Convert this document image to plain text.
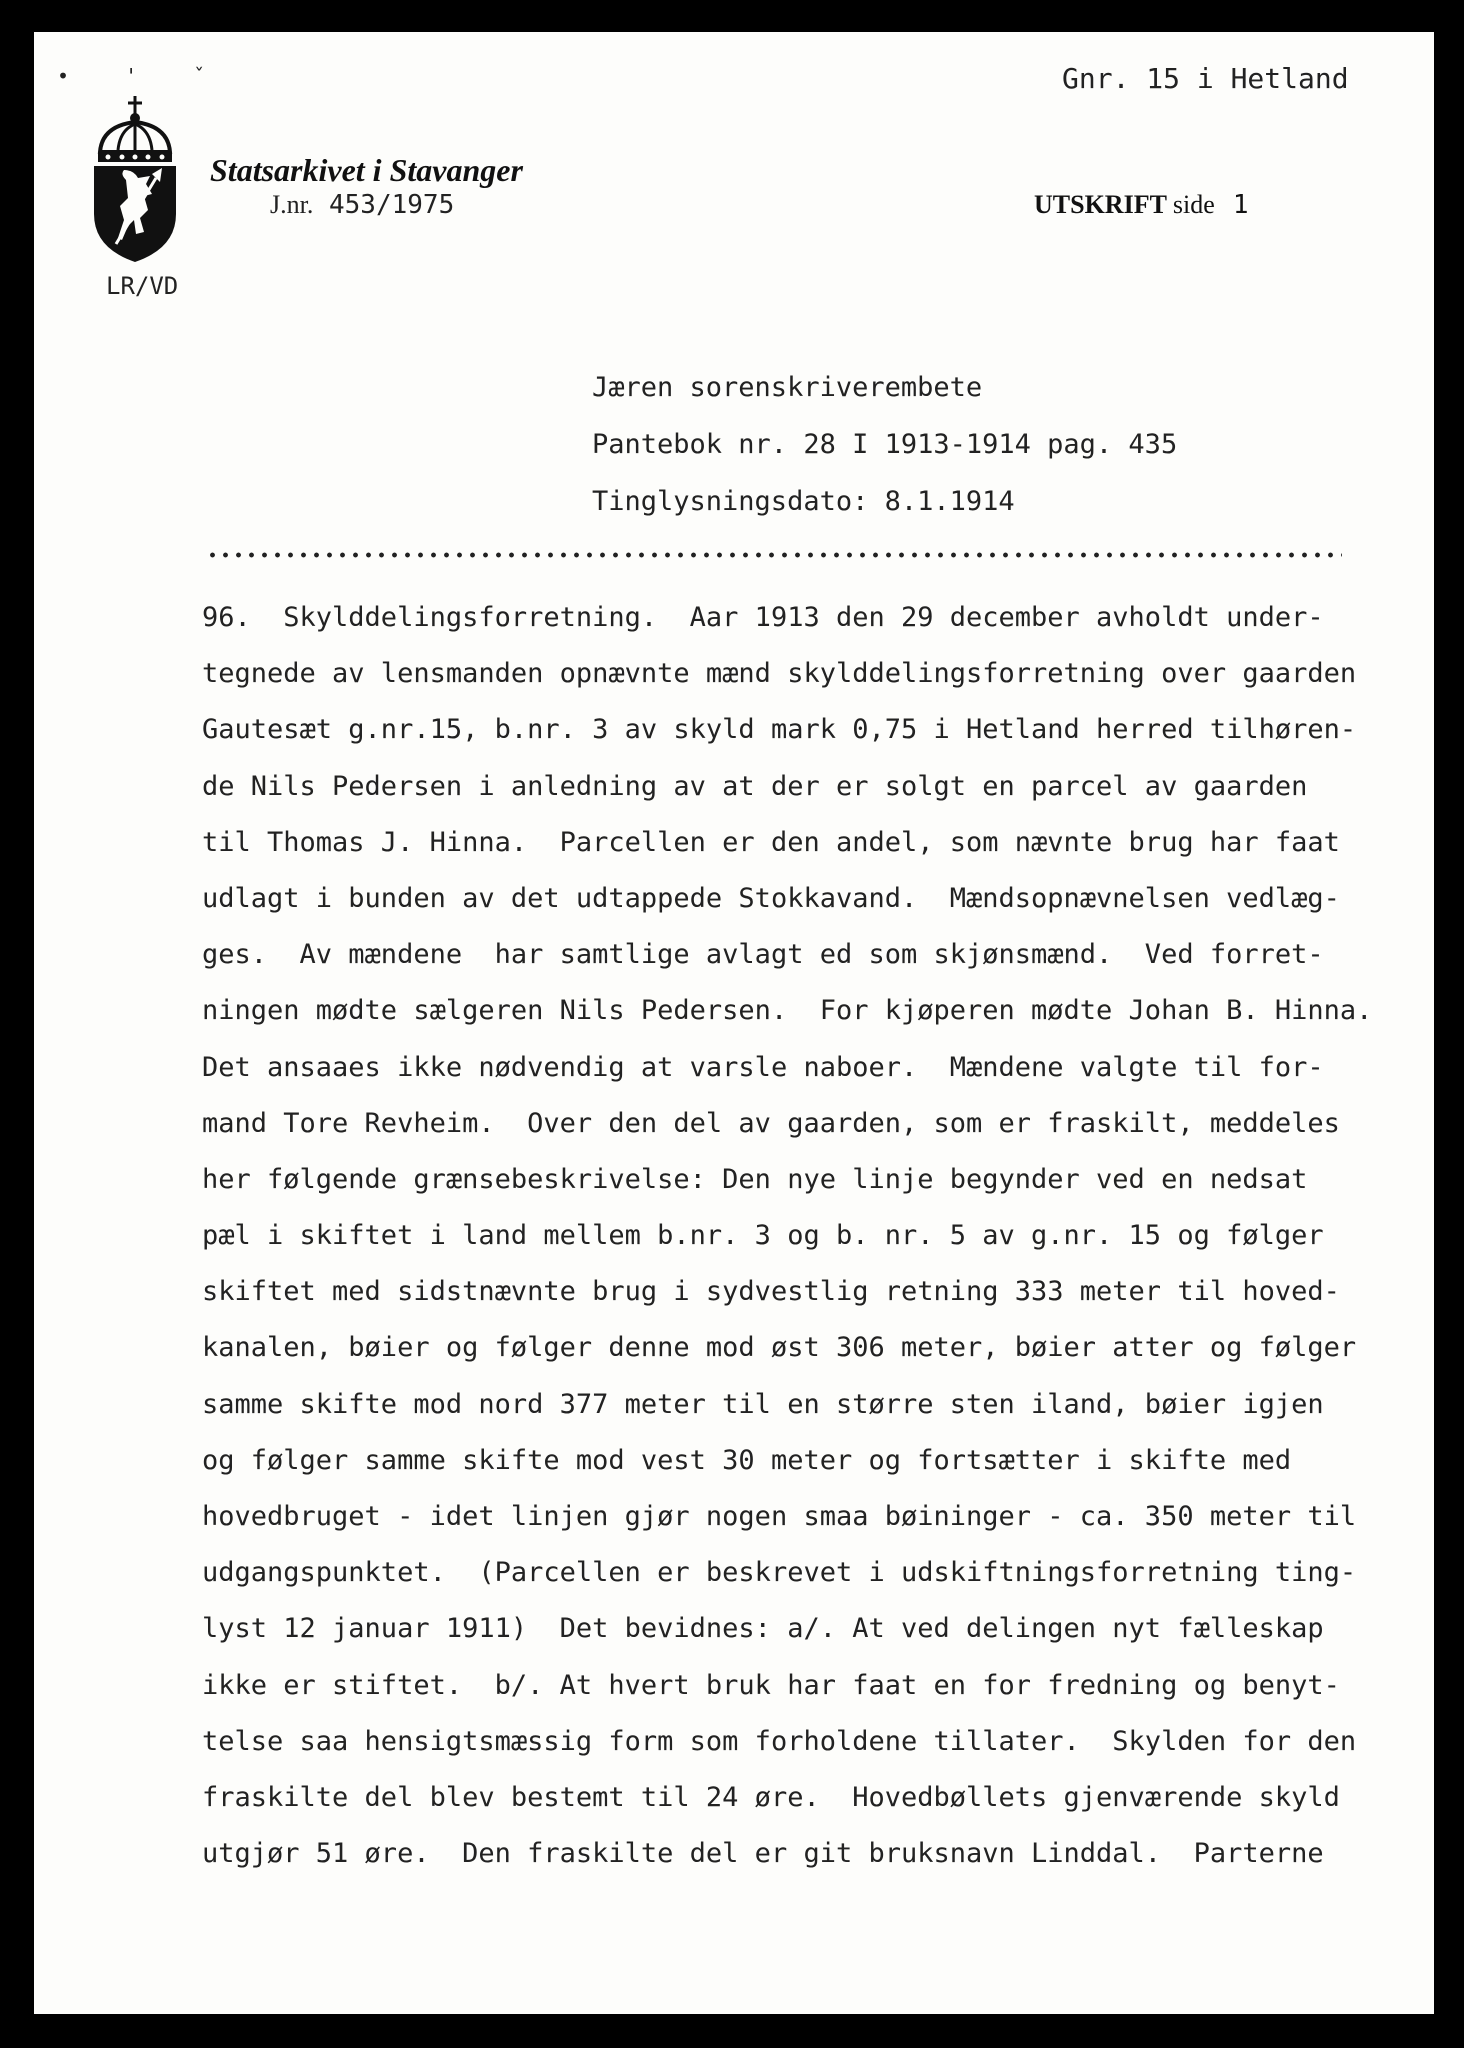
• ' ˇ	Gnr. 15 i Hetland
Statsarkivet i Stavanger
J.nr. 453/1975	UTSKRIFT side 1
LR/VD
Jæren sorenskriverembete
Pantebok nr. 28 I 1913-1914 pag. 435
Tinglysningsdato: 8.1.1914
96.  Skylddelingsforretning.  Aar 1913 den 29 december avholdt under-
tegnede av lensmanden opnævnte mænd skylddelingsforretning over gaarden
Gautesæt g.nr.15, b.nr. 3 av skyld mark 0,75 i Hetland herred tilhøren-
de Nils Pedersen i anledning av at der er solgt en parcel av gaarden
til Thomas J. Hinna.  Parcellen er den andel, som nævnte brug har faat
udlagt i bunden av det udtappede Stokkavand.  Mændsopnævnelsen vedlæg-
ges.  Av mændene  har samtlige avlagt ed som skjønsmænd.  Ved forret-
ningen mødte sælgeren Nils Pedersen.  For kjøperen mødte Johan B. Hinna.
Det ansaaes ikke nødvendig at varsle naboer.  Mændene valgte til for-
mand Tore Revheim.  Over den del av gaarden, som er fraskilt, meddeles
her følgende grænsebeskrivelse: Den nye linje begynder ved en nedsat
pæl i skiftet i land mellem b.nr. 3 og b. nr. 5 av g.nr. 15 og følger
skiftet med sidstnævnte brug i sydvestlig retning 333 meter til hoved-
kanalen, bøier og følger denne mod øst 306 meter, bøier atter og følger
samme skifte mod nord 377 meter til en større sten iland, bøier igjen
og følger samme skifte mod vest 30 meter og fortsætter i skifte med
hovedbruget - idet linjen gjør nogen smaa bøininger - ca. 350 meter til
udgangspunktet.  (Parcellen er beskrevet i udskiftningsforretning ting-
lyst 12 januar 1911)  Det bevidnes: a/. At ved delingen nyt fælleskap
ikke er stiftet.  b/. At hvert bruk har faat en for fredning og benyt-
telse saa hensigtsmæssig form som forholdene tillater.  Skylden for den
fraskilte del blev bestemt til 24 øre.  Hovedbøllets gjenværende skyld
utgjør 51 øre.  Den fraskilte del er git bruksnavn Linddal.  Parterne
